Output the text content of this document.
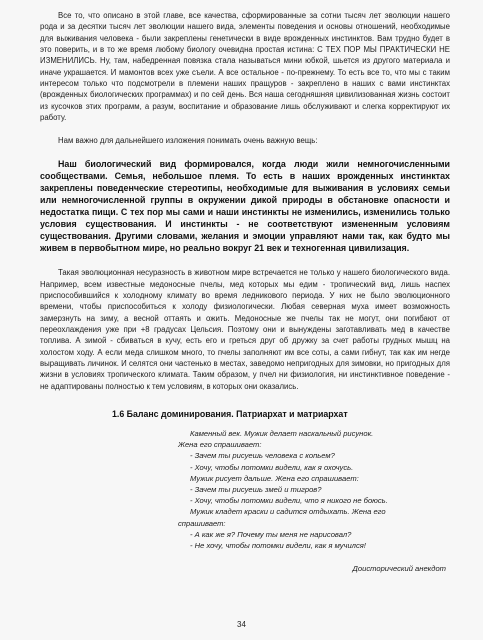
Все то, что описано в этой главе, все качества, сформированные за сотни тысяч лет эволюции нашего рода и за десятки тысяч лет эволюции нашего вида, элементы поведения и основы отношений, необходимые для выживания человека - были закреплены генетически в виде врожденных инстинктов. Вам трудно будет в это поверить, и в то же время любому биологу очевидна простая истина: С ТЕХ ПОР МЫ ПРАКТИЧЕСКИ НЕ ИЗМЕНИЛИСЬ. Ну, там, набедренная повязка стала называться мини юбкой, шьется из другого материала и иначе украшается. И мамонтов всех уже съели. А все остальное - по-прежнему. То есть все то, что мы с таким интересом только что подсмотрели в племени наших пращуров - закреплено в наших с вами инстинктах (врожденных биологических программах) и по сей день. Вся наша сегодняшняя цивилизованная жизнь состоит из кусочков этих программ, а разум, воспитание и образование лишь обслуживают и слегка корректируют их работу.

Нам важно для дальнейшего изложения понимать очень важную вещь:

Наш биологический вид формировался, когда люди жили немногочисленными сообществами. Семья, небольшое племя. То есть в наших врожденных инстинктах закреплены поведенческие стереотипы, необходимые для выживания в условиях семьи или немногочисленной группы в окружении дикой природы в обстановке опасности и недостатка пищи. С тех пор мы сами и наши инстинкты не изменились, изменились только условия существования. И инстинкты - не соответствуют измененным условиям существования. Другими словами, желания и эмоции управляют нами так, как будто мы живем в первобытном мире, но реально вокруг 21 век и техногенная цивилизация.

Такая эволюционная несуразность в животном мире встречается не только у нашего биологического вида. Например, всем известные медоносные пчелы, мед которых мы едим - тропический вид, лишь наспех приспособившийся к холодному климату во время ледникового периода. У них не было эволюционного времени, чтобы приспособиться к холоду физиологически. Любая северная муха имеет возможность замерзнуть на зиму, а весной оттаять и ожить. Медоносные же пчелы так не могут, они погибают от переохлаждения уже при +8 градусах Цельсия. Поэтому они и вынуждены заготавливать мед в качестве топлива. А зимой - сбиваться в кучу, есть его и греться друг об дружку за счет работы грудных мышц на холостом ходу. А если меда слишком много, то пчелы заполняют им все соты, а сами гибнут, так как им негде выращивать личинок. И селятся они частенько в местах, заведомо непригодных для зимовки, но пригодных для жизни в условиях тропического климата. Таким образом, у пчел ни физиология, ни инстинктивное поведение - не адаптированы полностью к тем условиям, в которых они оказались.

1.6 Баланс доминирования. Патриархат и матриархат
Каменный век. Мужик делает наскальный рисунок.
Жена его спрашивает:
- Зачем ты рисуешь человека с копьем?
- Хочу, чтобы потомки видели, как я охочусь.
Мужик рисует дальше. Жена его спрашивает:
- Зачем ты рисуешь змей и тигров?
- Хочу, чтобы потомки видели, что я никого не боюсь.
Мужик кладет краски и садится отдыхать. Жена его
спрашивает:
- А как же я? Почему ты меня не нарисовал?
- Не хочу, чтобы потомки видели, как я мучился!
Доисторический анекдот
34
